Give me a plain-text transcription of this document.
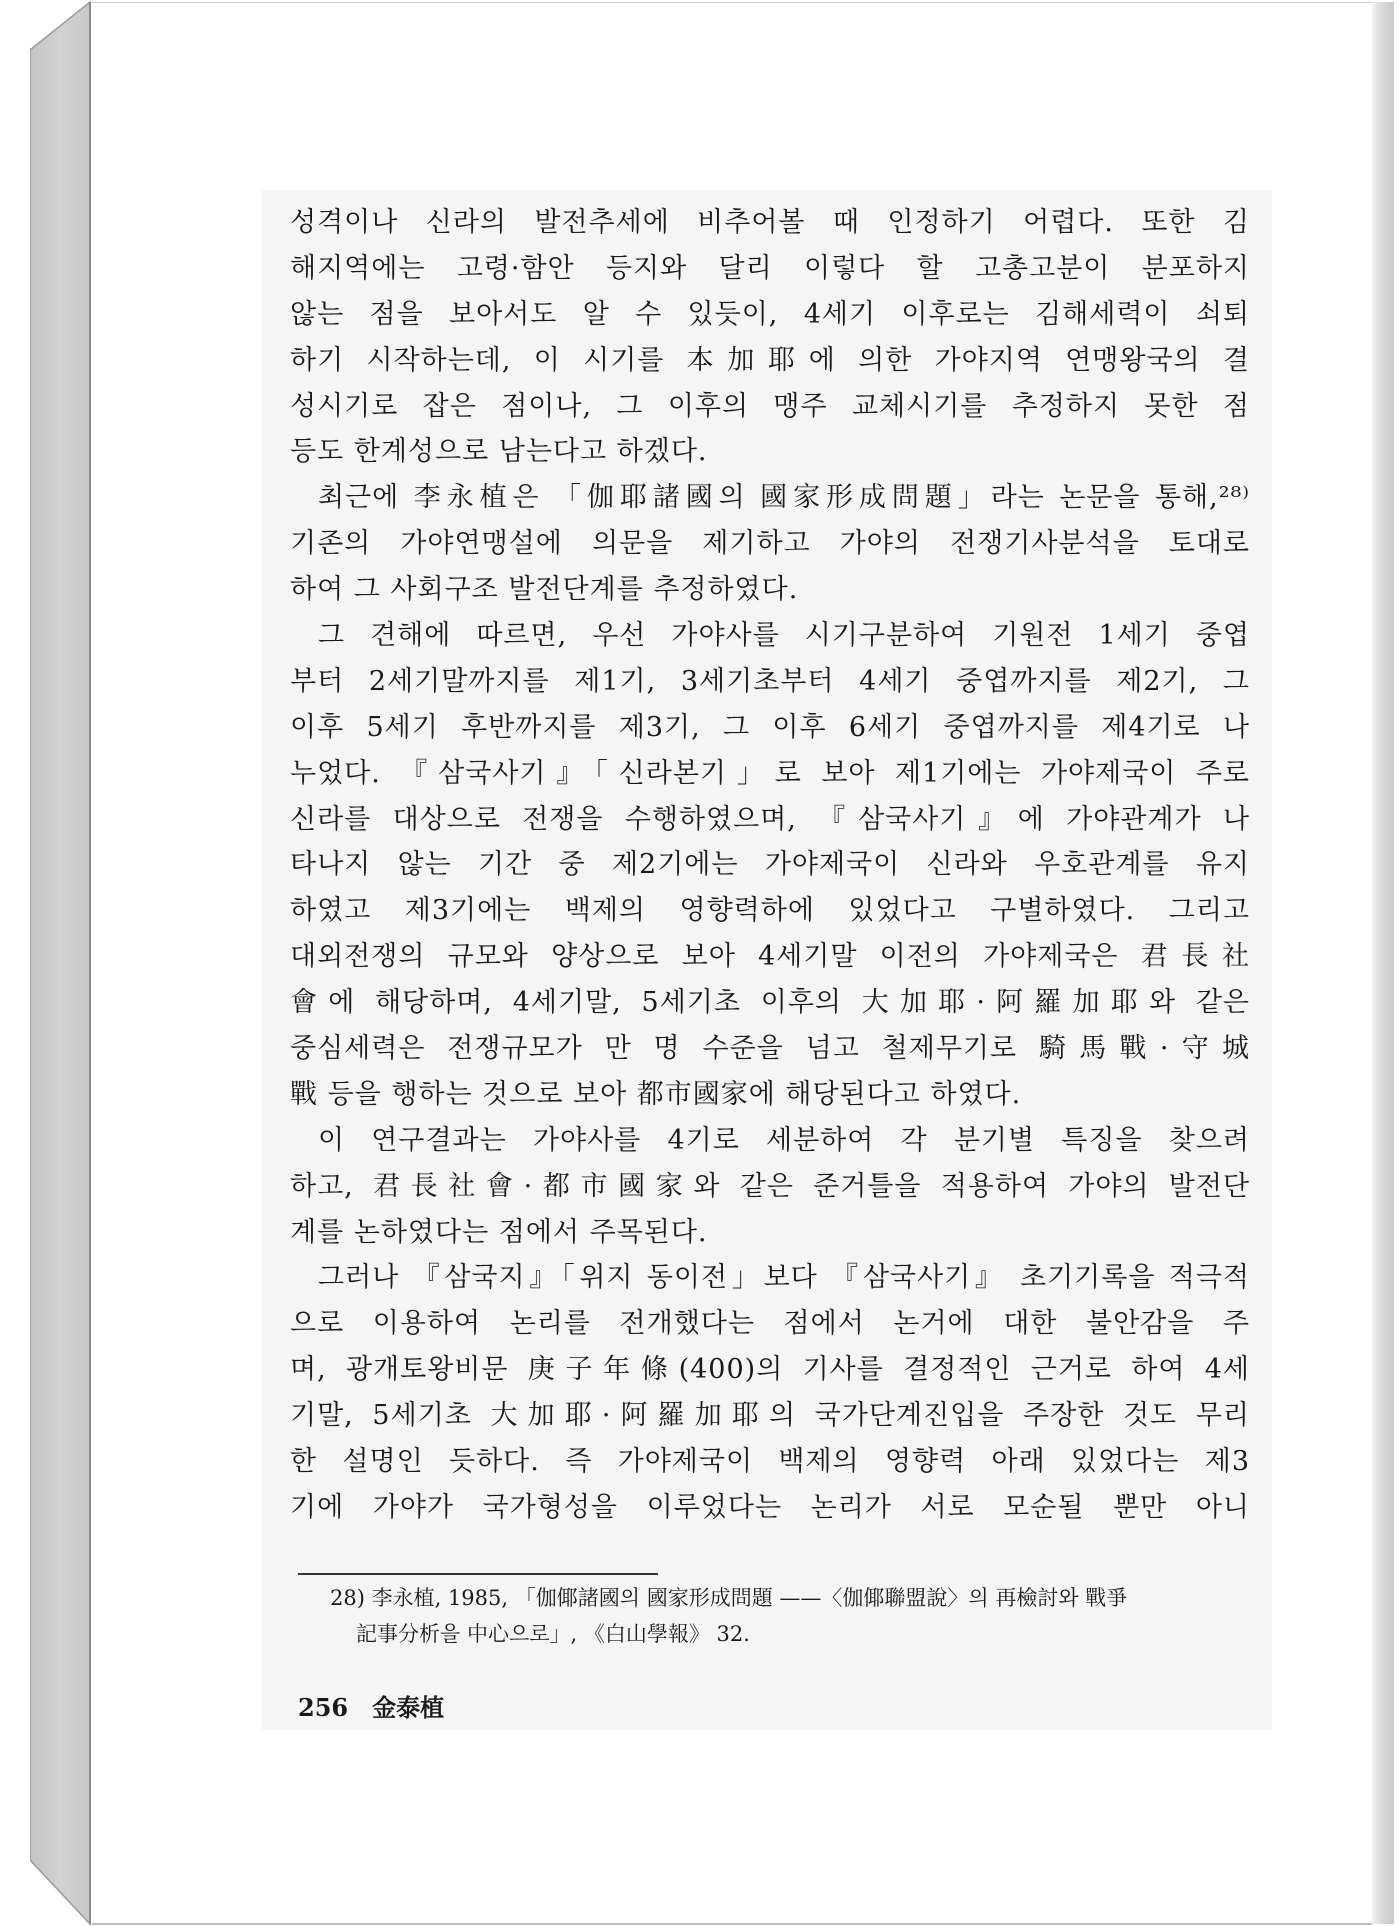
성격이나 신라의 발전추세에 비추어볼 때 인정하기 어렵다. 또한 김
해지역에는 고령·함안 등지와 달리 이렇다 할 고총고분이 분포하지
않는 점을 보아서도 알 수 있듯이, 4세기 이후로는 김해세력이 쇠퇴
하기 시작하는데, 이 시기를 本加耶에 의한 가야지역 연맹왕국의 결
성시기로 잡은 점이나, 그 이후의 맹주 교체시기를 추정하지 못한 점
등도 한계성으로 남는다고 하겠다.
최근에 李永植은 「伽耶諸國의 國家形成問題」라는 논문을 통해,²⁸⁾
기존의 가야연맹설에 의문을 제기하고 가야의 전쟁기사분석을 토대로
하여 그 사회구조 발전단계를 추정하였다.
그 견해에 따르면, 우선 가야사를 시기구분하여 기원전 1세기 중엽
부터 2세기말까지를 제1기, 3세기초부터 4세기 중엽까지를 제2기, 그
이후 5세기 후반까지를 제3기, 그 이후 6세기 중엽까지를 제4기로 나
누었다. 『삼국사기』「신라본기」로 보아 제1기에는 가야제국이 주로
신라를 대상으로 전쟁을 수행하였으며, 『삼국사기』에 가야관계가 나
타나지 않는 기간 중 제2기에는 가야제국이 신라와 우호관계를 유지
하였고 제3기에는 백제의 영향력하에 있었다고 구별하였다. 그리고
대외전쟁의 규모와 양상으로 보아 4세기말 이전의 가야제국은 君長社
會에 해당하며, 4세기말, 5세기초 이후의 大加耶·阿羅加耶와 같은
중심세력은 전쟁규모가 만 명 수준을 넘고 철제무기로 騎馬戰·守城
戰 등을 행하는 것으로 보아 都市國家에 해당된다고 하였다.
이 연구결과는 가야사를 4기로 세분하여 각 분기별 특징을 찾으려
하고, 君長社會·都市國家와 같은 준거틀을 적용하여 가야의 발전단
계를 논하였다는 점에서 주목된다.
그러나 『삼국지』「위지 동이전」보다 『삼국사기』 초기기록을 적극적
으로 이용하여 논리를 전개했다는 점에서 논거에 대한 불안감을 주
며, 광개토왕비문 庚子年條(400)의 기사를 결정적인 근거로 하여 4세
기말, 5세기초 大加耶·阿羅加耶의 국가단계진입을 주장한 것도 무리
한 설명인 듯하다. 즉 가야제국이 백제의 영향력 아래 있었다는 제3
기에 가야가 국가형성을 이루었다는 논리가 서로 모순될 뿐만 아니
28) 李永植, 1985, 「伽倻諸國의 國家形成問題 ——〈伽倻聯盟說〉의 再檢討와 戰爭
記事分析을 中心으로」, 《白山學報》 32.
256 金泰植
